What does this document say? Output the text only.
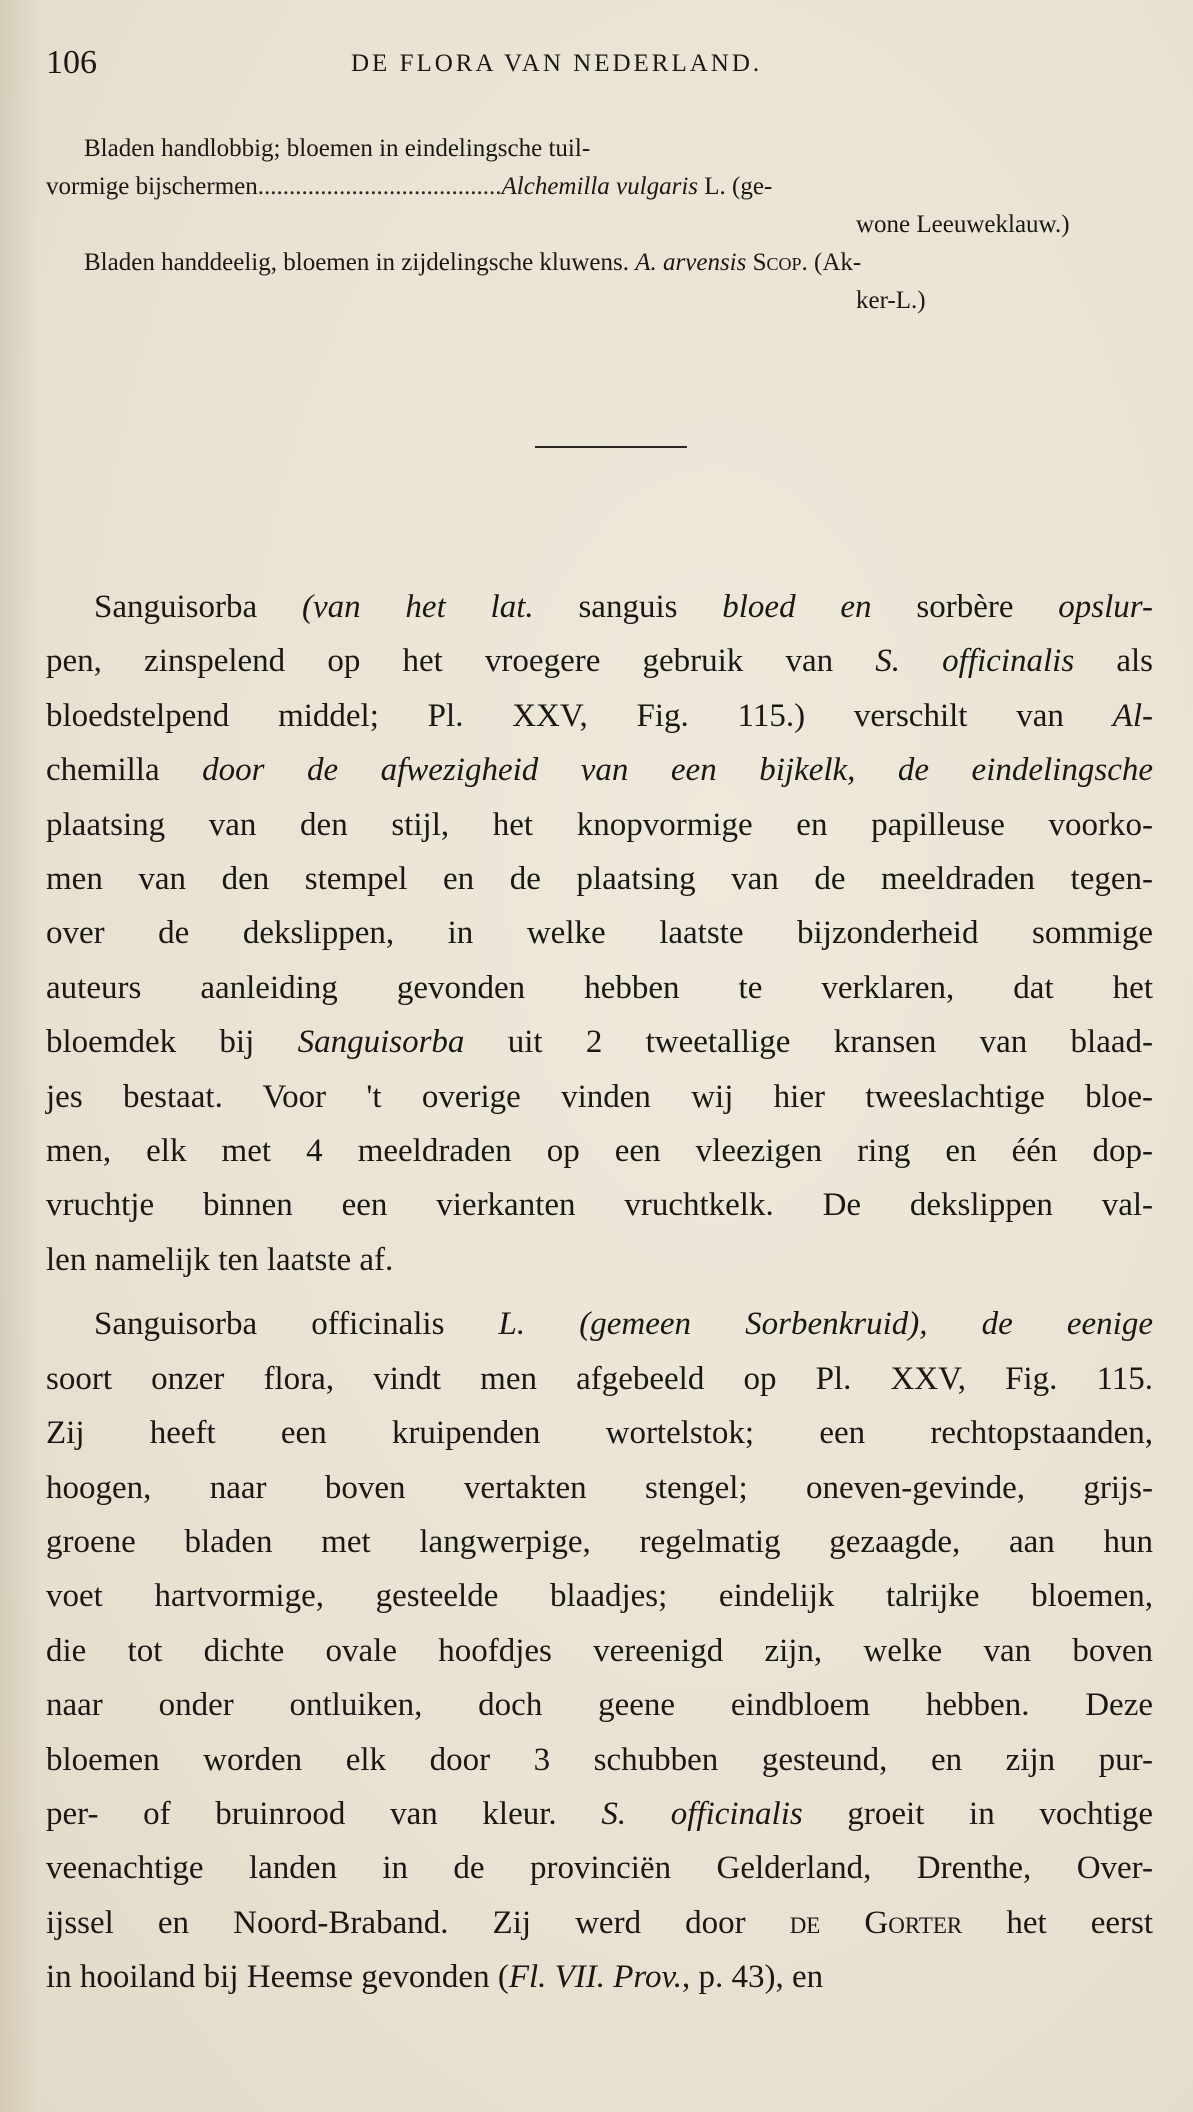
106	DE FLORA VAN NEDERLAND.
Bladen handlobbig; bloemen in eindelingsche tuil-
vormige bijschermen.......................................Alchemilla vulgaris L. (ge-
wone Leeuweklauw.)

Bladen handdeelig, bloemen in zijdelingsche kluwens. A. arvensis Scop. (Ak-
ker-L.)

Sanguisorba (van het lat. sanguis bloed en sorbère opslur-
pen, zinspelend op het vroegere gebruik van S. officinalis als
bloedstelpend middel; Pl. XXV, Fig. 115.) verschilt van Al-
chemilla door de afwezigheid van een bijkelk, de eindelingsche
plaatsing van den stijl, het knopvormige en papilleuse voorko-
men van den stempel en de plaatsing van de meeldraden tegen-
over de dekslippen, in welke laatste bijzonderheid sommige
auteurs aanleiding gevonden hebben te verklaren, dat het
bloemdek bij Sanguisorba uit 2 tweetallige kransen van blaad-
jes bestaat. Voor 't overige vinden wij hier tweeslachtige bloe-
men, elk met 4 meeldraden op een vleezigen ring en één dop-
vruchtje binnen een vierkanten vruchtkelk. De dekslippen val-
len namelijk ten laatste af.

Sanguisorba officinalis L. (gemeen Sorbenkruid), de eenige
soort onzer flora, vindt men afgebeeld op Pl. XXV, Fig. 115.
Zij heeft een kruipenden wortelstok; een rechtopstaanden,
hoogen, naar boven vertakten stengel; oneven-gevinde, grijs-
groene bladen met langwerpige, regelmatig gezaagde, aan hun
voet hartvormige, gesteelde blaadjes; eindelijk talrijke bloemen,
die tot dichte ovale hoofdjes vereenigd zijn, welke van boven
naar onder ontluiken, doch geene eindbloem hebben. Deze
bloemen worden elk door 3 schubben gesteund, en zijn pur-
per- of bruinrood van kleur. S. officinalis groeit in vochtige
veenachtige landen in de provinciën Gelderland, Drenthe, Over-
ijssel en Noord-Braband. Zij werd door de Gorter het eerst
in hooiland bij Heemse gevonden (Fl. VII. Prov., p. 43), en
